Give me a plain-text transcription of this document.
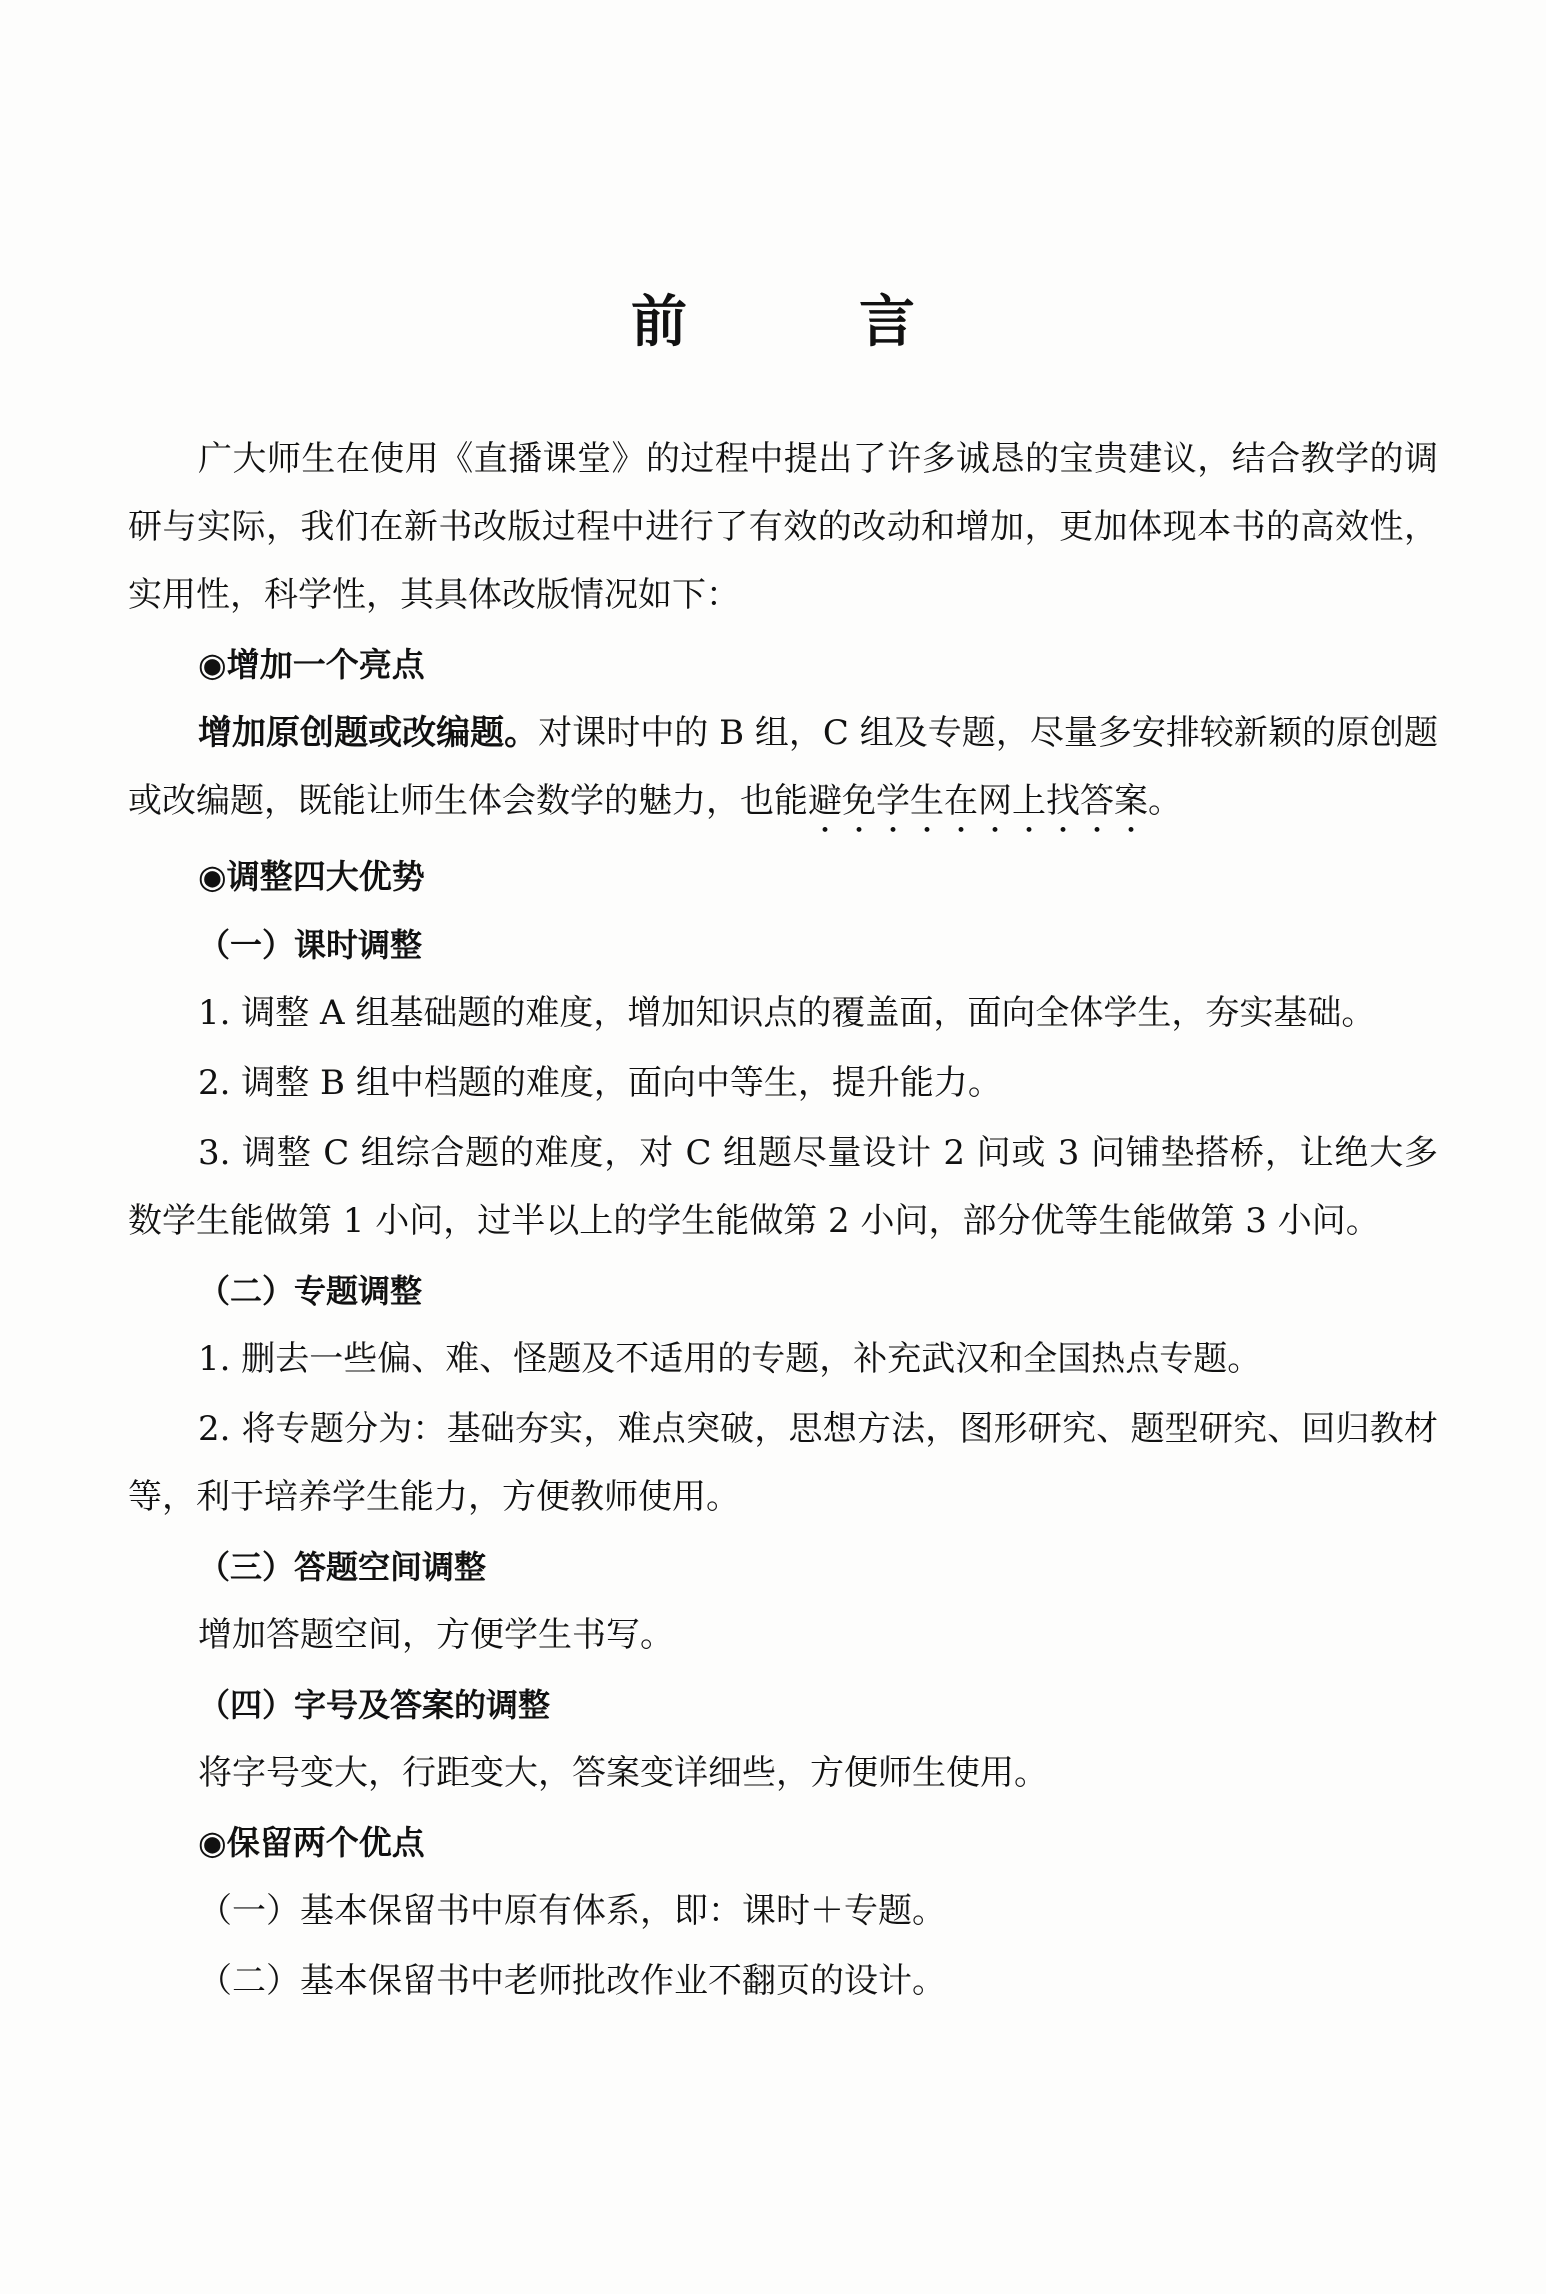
前　言

广大师生在使用《直播课堂》的过程中提出了许多诚恳的宝贵建议，结合教学的调研与实际，我们在新书改版过程中进行了有效的改动和增加，更加体现本书的高效性，实用性，科学性，其具体改版情况如下：

◉增加一个亮点

增加原创题或改编题。对课时中的 B 组，C 组及专题，尽量多安排较新颖的原创题或改编题，既能让师生体会数学的魅力，也能避免学生在网上找答案。

◉调整四大优势
（一）课时调整

1. 调整 A 组基础题的难度，增加知识点的覆盖面，面向全体学生，夯实基础。

2. 调整 B 组中档题的难度，面向中等生，提升能力。

3. 调整 C 组综合题的难度，对 C 组题尽量设计 2 问或 3 问铺垫搭桥，让绝大多数学生能做第 1 小问，过半以上的学生能做第 2 小问，部分优等生能做第 3 小问。

（二）专题调整

1. 删去一些偏、难、怪题及不适用的专题，补充武汉和全国热点专题。

2. 将专题分为：基础夯实，难点突破，思想方法，图形研究、题型研究、回归教材等，利于培养学生能力，方便教师使用。

（三）答题空间调整

增加答题空间，方便学生书写。

（四）字号及答案的调整

将字号变大，行距变大，答案变详细些，方便师生使用。

◉保留两个优点

（一）基本保留书中原有体系，即：课时＋专题。

（二）基本保留书中老师批改作业不翻页的设计。
